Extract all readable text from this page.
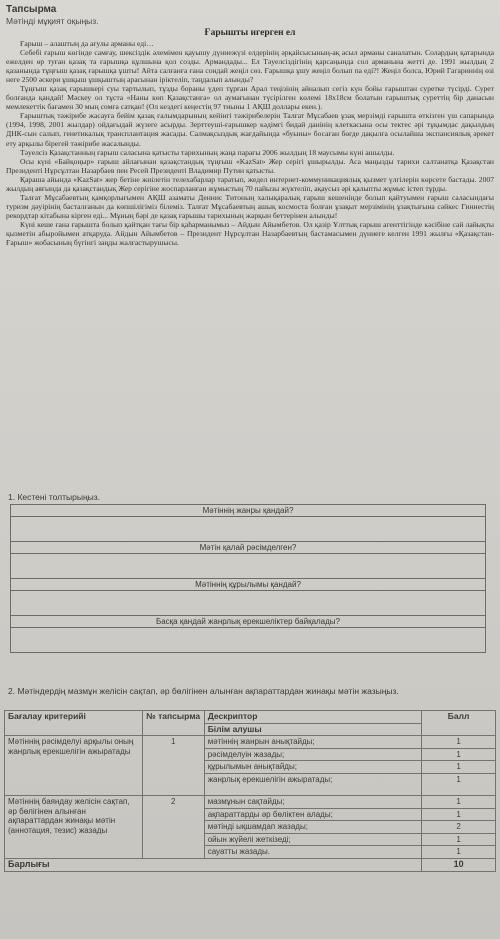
Тапсырма
Мәтінді мұқият оқыңыз.
Ғарышты игерген ел

Ғарыш – алаштың да ағулы арманы еді…

Себебі ғарыш көгінде самғау, шексіздік әлемімен қауышу дүниежүзі елдерінің әрқайсысының-ақ асыл арманы саналатын. Солардың қатарында ежелден өр туған қазақ та ғарышқа құлшына қол созды. Армандады... Ел Тәуелсіздігінің қарсаңында сол арманына жетті де. 1991 жылдың 2 қазанында тұңғыш қазақ ғарышқа ұшты! Айта салғанға ғана сондай жеңіл сөз. Ғарышқа ұшу жеңіл болып па еді?! Жеңіл болса, Юрий Гагариннің өзі неге 2500 әскери ұшқыш ұшқыштың арасынан іріктеліп, таңдалып алынды?

Тұңғыш қазақ ғарышкері суы тартылып, тұзды бораны үдеп тұрған Арал теңізінің айналып сегіз күн бойы ғарыштан суретке түсірді. Сурет болғанда қандай! Мәскеу ол тұста «Наны көп Қазақстанға» ол аумағынан түсірілген көлемі 18х18см болатын ғарыштық суреттің бір данасын мемлекеттік бағамен 30 мың сомға сатқан! (Ол кездегі кеңестің 97 тиыны 1 АҚШ доллары екен.).

Ғарыштық тәжірибе жасауға бейім қазақ ғалымдарының кейінгі тәжірибелерін Талғат Мұсабаев ұзақ мерзімді ғарышта өткізген үш сапарында (1994, 1998, 2001 жылдар) ойдағыдай жүзеге асырды. Зерттеуші-ғарышкер кәдімгі бидай данінің клеткасына осы тектес әрі тұқымдас дақылдың ДНК-сын салып, генетикалық трансплантация жасады. Салмақсыздық жағдайында «буыны» босаған бөгде дақылға осылайша экспансиялық әрекет ету арқылы бірегей тәжірибе жасалынды.

Тәуелсіз Қазақстанның ғарыш саласына қатысты тарихының жаңа парағы 2006 жылдың 18 маусымы күні ашылды.

Осы күні «Байқоңыр» ғарыш айлағынан қазақстандық тұңғыш «KazSat» Жер серігі ұшырылды. Аса маңызды тарихи салтанатқа Қазақстан Президенті Нұрсұлтан Назарбаев пен Ресей Президенті Владимир Путин қатысты.

Қараша айында «KazSat» жер бетіне жиілетін телехабарлар таратып, жедел интернет-коммуникациялық қызмет үлгілерін көрсете бастады. 2007 жылдың аяғында да қазақстандық Жер серігіне жоспарланған жұмыстың 70 пайызы жүктеліп, ақаусыз әрі қалыпты жұмыс істеп тұрды.

Талғат Мұсабаевтың қамқорлығымен АҚШ азаматы Деннис Титоның халықаралық ғарыш кешенінде болып қайтуымен ғарыш саласындағы туризм дәуірінің басталғанын да көпшілігіміз білеміз. Талғат Мұсабаевтың ашық космоста болған ұзақыт мерзімінің ұзақтығына сәйкес Гиннестің рекордтар кітабына кірген еді... Мұның бәрі де қазақ ғарышы тарихының жарқын беттерінен алынды!

Күні кеше ғана ғарышта болып қайтқан тағы бір қаһарманымыз – Айдын Айымбетов. Ол қазір Ұлттық ғарыш агенттігінде кәсібіне сай лайықты қызметін абыройымен атқаруда. Айдын Айымбетов – Президент Нұрсұлтан Назарбаевтың бастамасымен дүниеге келген 1991 жылғы «Қазақстан-Ғарыш» жобасының бүгінгі заңды жалғастырушысы.

1. Кестені толтырыңыз.
Мәтіннің жанры қандай?

Мәтін қалай рәсімделген?

Мәтіннің құрылымы қандай?

Басқа қандай жанрлық ерекшеліктер байқалады?

2. Мәтіндердің мазмұн желісін сақтап, әр бөлігінен алынған ақпараттардан жинақы мәтін жазыңыз.
Бағалау критерийі	№ тапсырма	Дескриптор	Балл
		Білім алушы	
Мәтіннің рәсімделуі арқылы оның жанрлық ерекшелігін ажыратады	1	мәтіннің жанрын анықтайды;	1
		рәсімделуін жазады;	1
		құрылымын анықтайды;	1
		жанрлық ерекшелігін ажыратады;	1
Мәтіннің баяндау желісін сақтап, әр бөлігінен алынған ақпараттардан жинақы мәтін (аннотация, тезис) жазады	2	мазмұнын сақтайды;	1
		ақпараттарды әр бөліктен алады;	1
		мәтінді ықшамдап жазады;	2
		ойын жүйелі жеткізеді;	1
		сауатты жазады.	1
Барлығы			10
